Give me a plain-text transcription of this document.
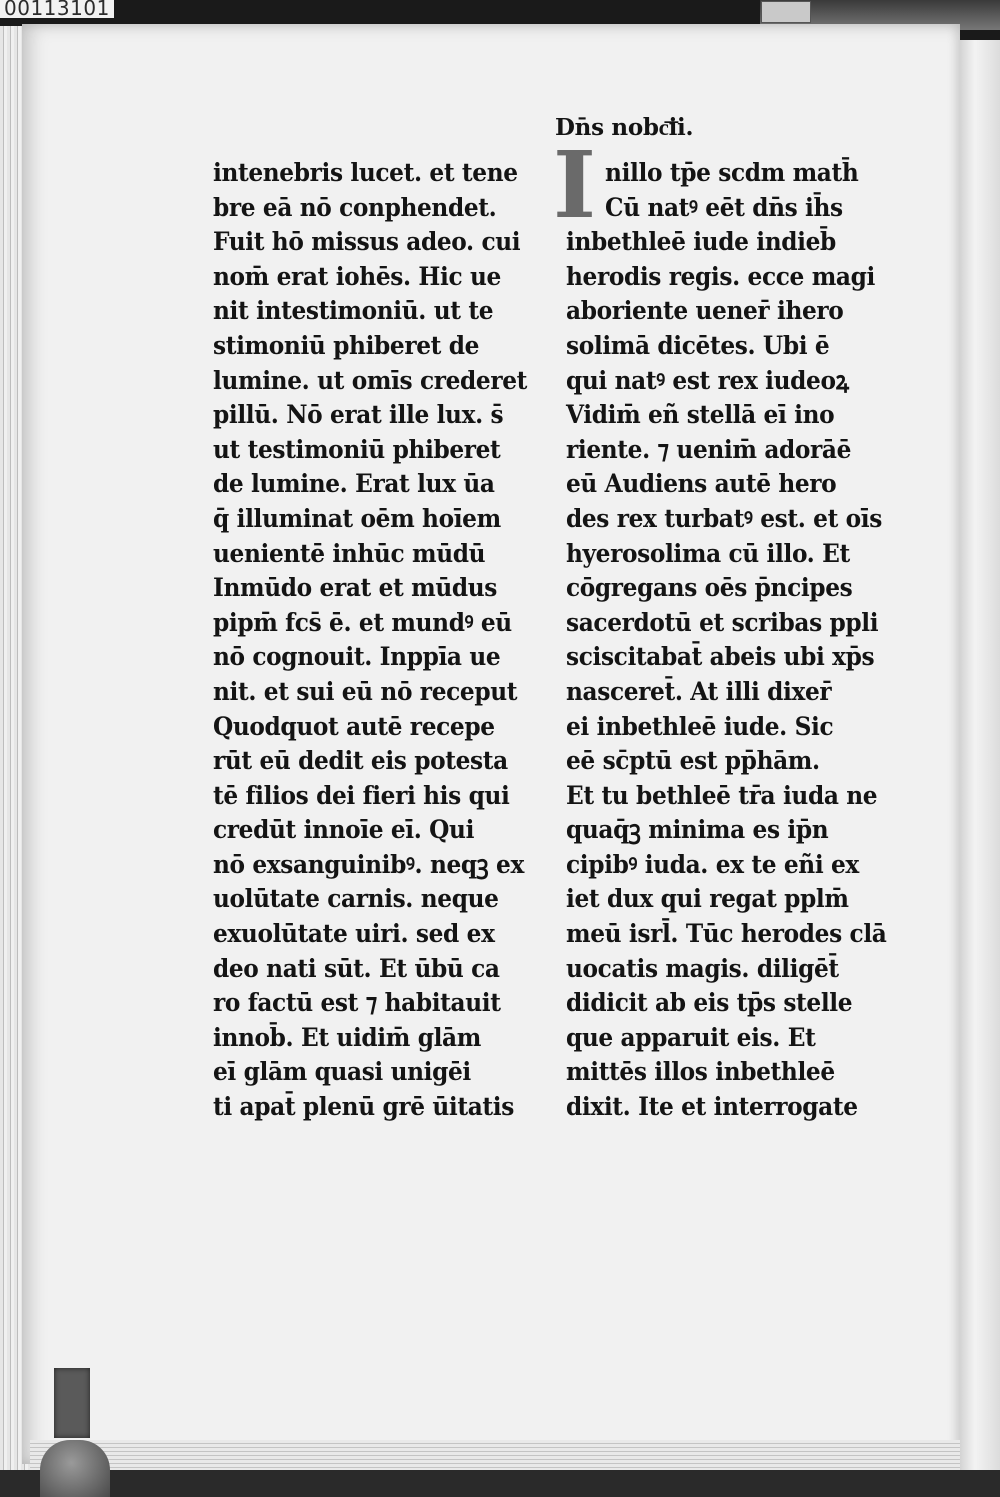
00113101
Dn̄s nobc͞ii.
I
intenebris lucet. et tene
bre eā nō conphendet.
Fuit hō missus adeo. cui
nom̄ erat iohēs. Hic ue
nit intestimoniū. ut te
stimoniū phiberet de
lumine. ut omīs crederet
pillū. Nō erat ille lux. s̄
ut testimoniū phiberet
de lumine. Erat lux ūa
q̄ illuminat oēm hoīem
uenientē inhūc mūdū
Inmūdo erat et mūdus
pipm̄ fcs̄ ē. et mundꝰ eū
nō cognouit. Inppīa ue
nit. et sui eū nō receput
Quodquot autē recepe
rūt eū dedit eis potesta
tē filios dei fieri his qui
credūt innoīe eī. Qui
nō exsanguinibꝰ. neqꝫ ex
uolūtate carnis. neque
exuolūtate uiri. sed ex
deo nati sūt. Et ūbū ca
ro factū est ⁊ habitauit
innob̄. Et uidim̄ glām
eī glām quasi unigēi
ti apat̄ plenū grē ūitatis
nillo tp̄e scdm math̄
Cū natꝰ eēt dn̄s ih̄s
inbethleē iude indieb̄
herodis regis. ecce magi
aboriente uener̄ ihero
solimā dicētes. Ubi ē
qui natꝰ est rex iudeoꝝ
Vidim̄ eñ stellā eī ino
riente. ⁊ uenim̄ adorāē
eū Audiens autē hero
des rex turbatꝰ est. et oīs
hyerosolima cū illo. Et
cōgregans oēs p̄ncipes
sacerdotū et scribas ppli
sciscitabat̄ abeis ubi xp̄s
nasceret̄. At illi dixer̄
ei inbethleē iude. Sic
eē sc̄ptū est pp̄hām.
Et tu bethleē tr̄a iuda ne
quaq̄ꝫ minima es ip̄n
cipibꝰ iuda. ex te eñi ex
iet dux qui regat pplm̄
meū isrl̄. Tūc herodes clā
uocatis magis. diligēt̄
didicit ab eis tp̄s stelle
que apparuit eis. Et
mittēs illos inbethleē
dixit. Ite et interrogate
